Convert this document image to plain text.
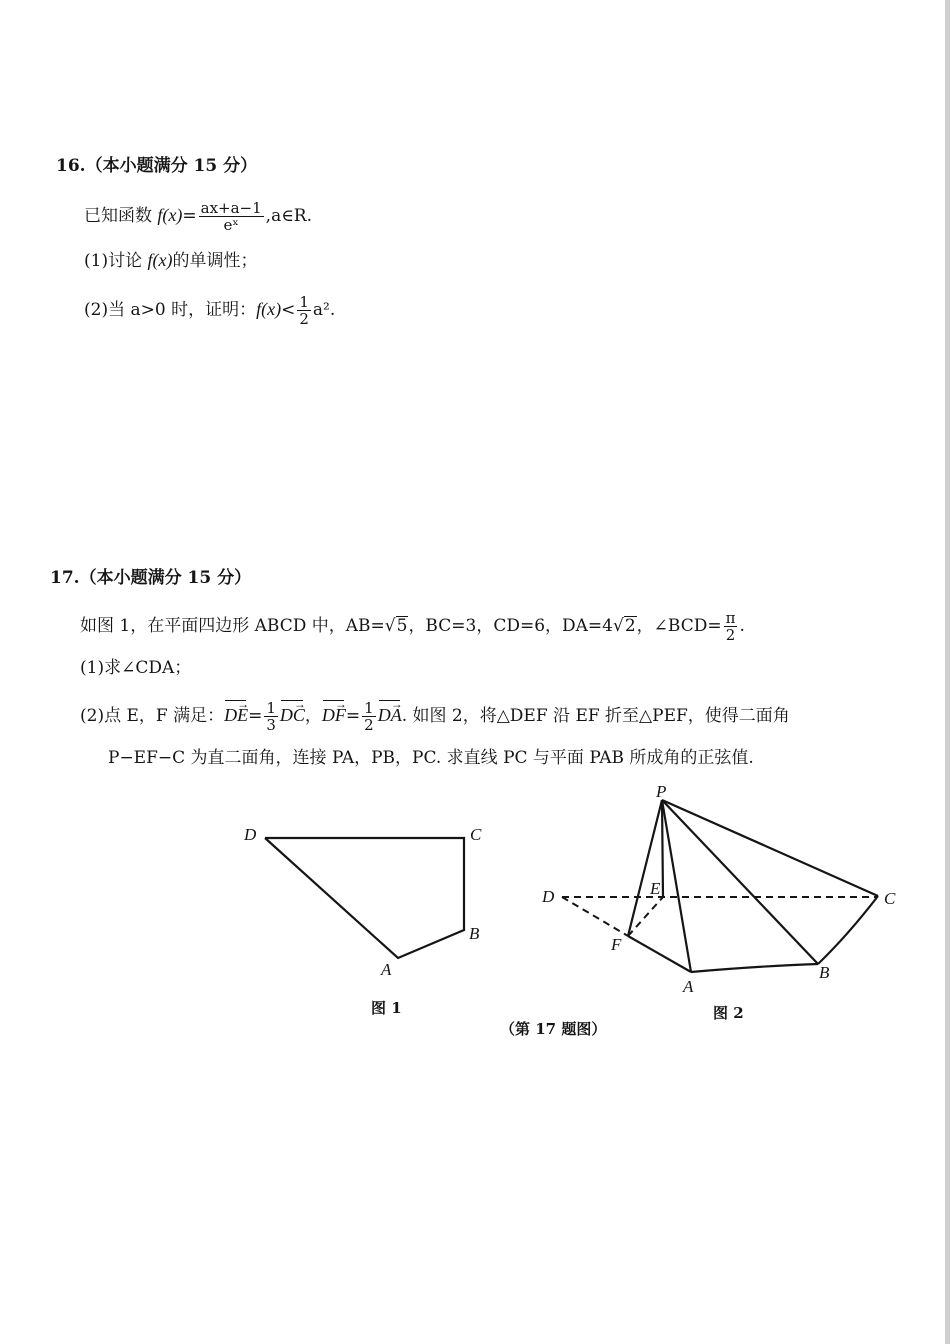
16.（本小题满分 15 分）
已知函数 $f(x)= \frac{ax+a-1}{\text{eˣ}}$ ,a∈R.
(1)讨论 f(x)的单调性；
(2)当 a>0 时，证明：$f(x)< \frac{1}{2} a^2$.
17.（本小题满分 15 分）
如图 1，在平面四边形 ABCD 中，AB=√5，BC=3，CD=6，DA=4√2，∠BCD= $\frac{\pi}{2}$ .
(1)求∠CDA；
(2)点 E，F 满足：→ $DE= \frac{1}{3}$ → DC，→ $DF= \frac{1}{2}$ → DA. 如图 2，将△DEF 沿 EF 折至△PEF，使得二面角
P−EF−C 为直二面角，连接 PA，PB，PC. 求直线 PC 与平面 PAB 所成角的正弦值.
D	C
B
A
P
E
D	C
F
A
B
图 1	图 2
（第 17 题图）
